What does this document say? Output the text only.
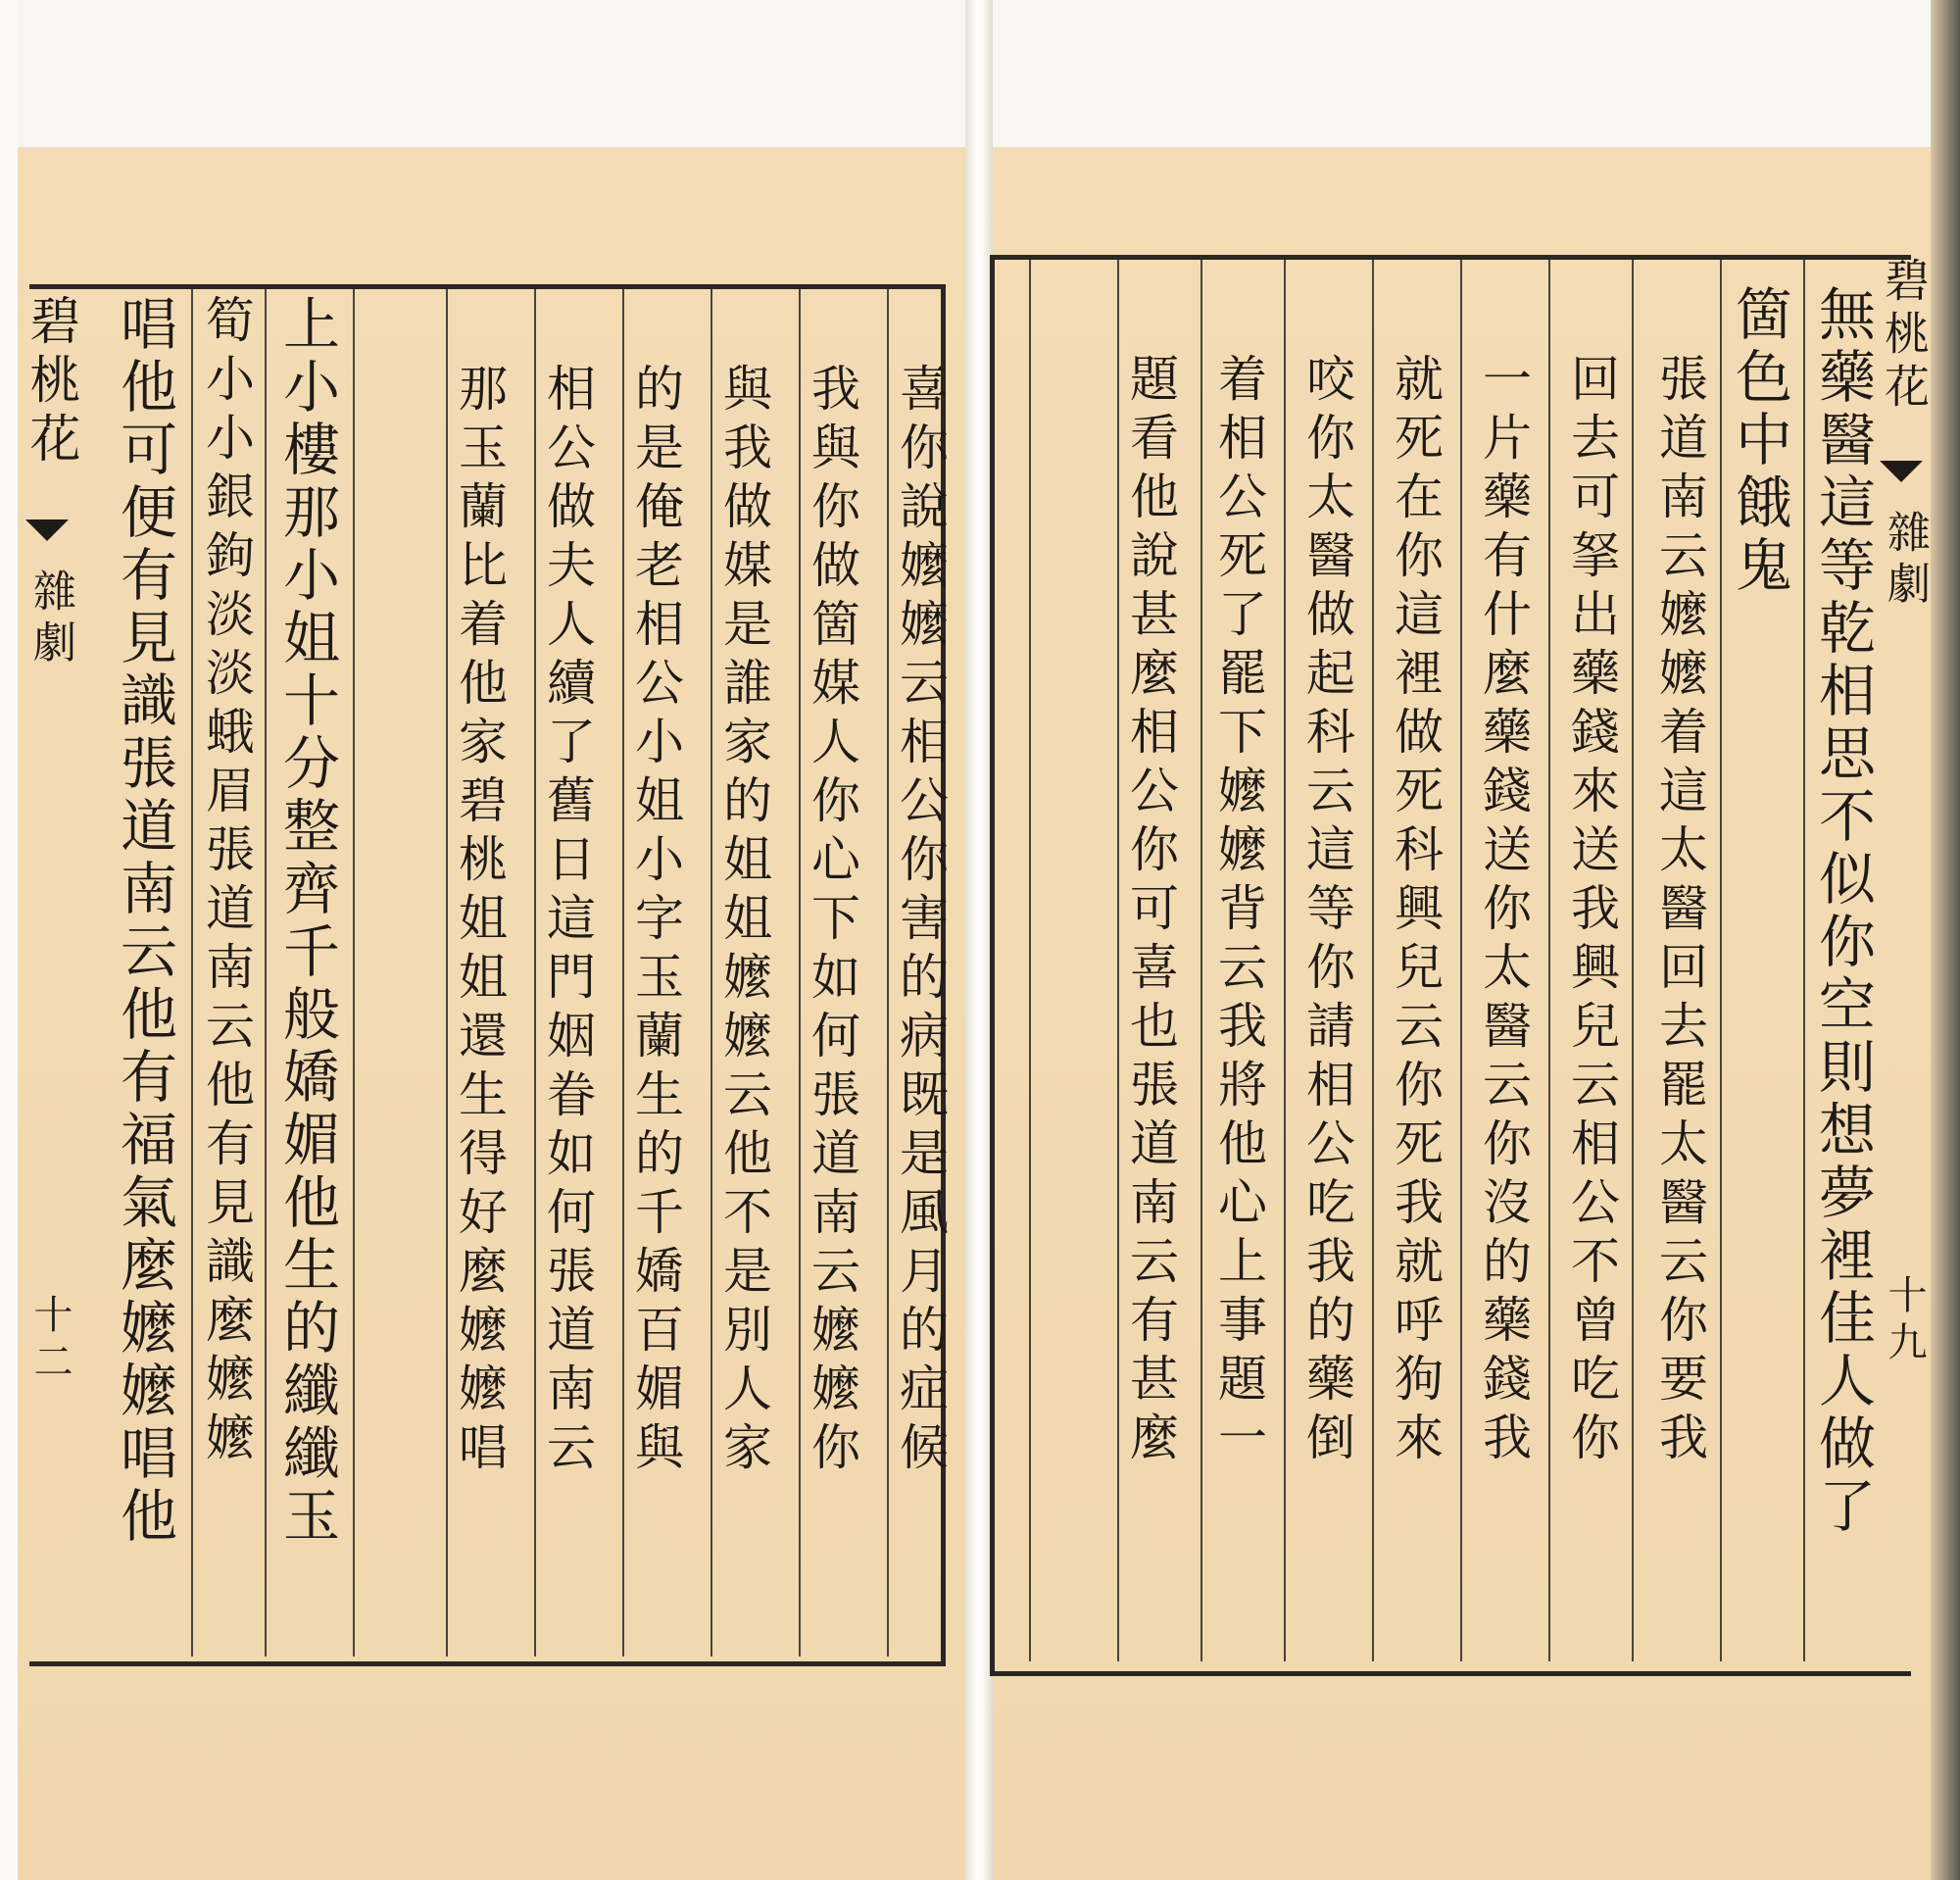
碧桃花
雜劇
十二
碧桃花
雜劇
十九
喜你說嬤嬤云相公你害的病既是風月的症候
我與你做箇媒人你心下如何張道南云嬤嬤你
與我做媒是誰家的姐姐嬤嬤云他不是別人家
的是俺老相公小姐小字玉蘭生的千嬌百媚與
相公做夫人續了舊日這門姻眷如何張道南云
那玉蘭比着他家碧桃姐姐還生得好麼嬤嬤唱
上小樓那小姐十分整齊千般嬌媚他生的纖纖玉
筍小小銀鉤淡淡蛾眉張道南云他有見識麼嬤嬤
唱他可便有見識張道南云他有福氣麼嬤嬤唱他	無藥醫這等乾相思不似你空則想夢裡佳人做了
箇色中餓鬼
張道南云嬤嬤着這太醫回去罷太醫云你要我
回去可拏出藥錢來送我興兒云相公不曾吃你
一片藥有什麼藥錢送你太醫云你沒的藥錢我
就死在你這裡做死科興兒云你死我就呼狗來
咬你太醫做起科云這等你請相公吃我的藥倒
着相公死了罷下嬤嬤背云我將他心上事題一
題看他說甚麼相公你可喜也張道南云有甚麼
